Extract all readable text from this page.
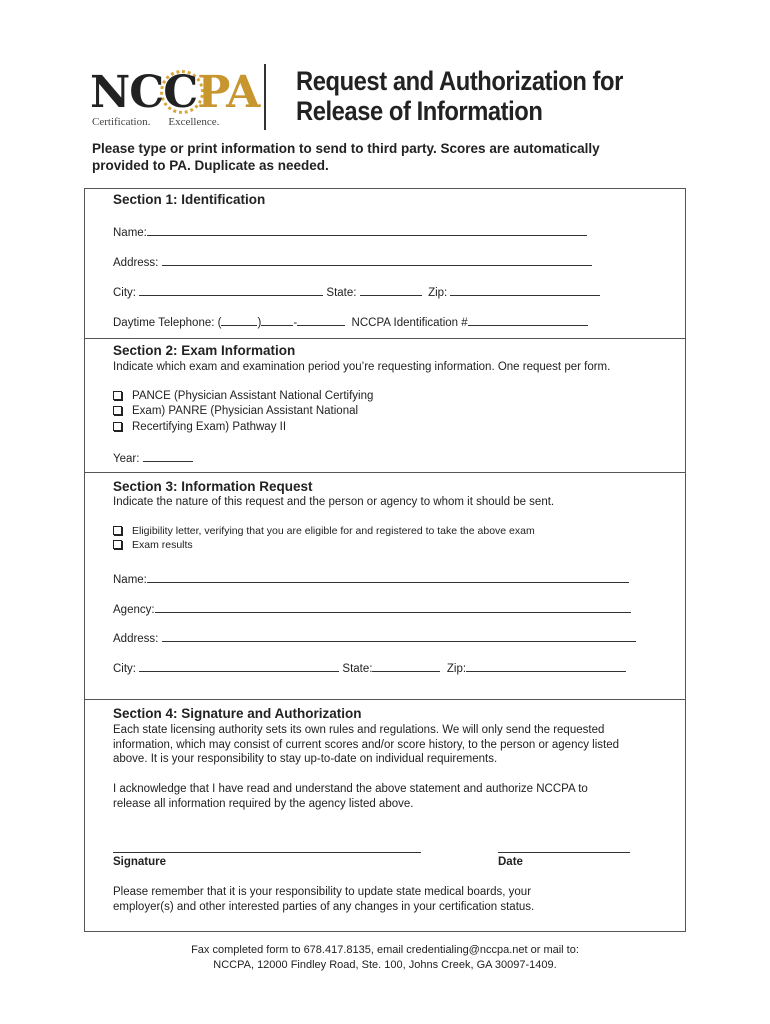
NCCPA
Certification. Excellence.
Request and Authorization for
Release of Information
Please type or print information to send to third party. Scores are automatically provided to PA. Duplicate as needed.
Section 1: Identification
Name:
Address:
City:	State:	Zip:
Daytime Telephone: (	)	-	NCCPA Identification #
Section 2: Exam Information
Indicate which exam and examination period you’re requesting information. One request per form.
PANCE (Physician Assistant National Certifying
Exam) PANRE (Physician Assistant National
Recertifying Exam) Pathway II
Year:
Section 3: Information Request
Indicate the nature of this request and the person or agency to whom it should be sent.
Eligibility letter, verifying that you are eligible for and registered to take the above exam
Exam results
Name:
Agency:
Address:
City:	State:	Zip:
Section 4: Signature and Authorization
Each state licensing authority sets its own rules and regulations. We will only send the requested information, which may consist of current scores and/or score history, to the person or agency listed above. It is your responsibility to stay up-to-date on individual requirements.
I acknowledge that I have read and understand the above statement and authorize NCCPA to release all information required by the agency listed above.
Signature	Date
Please remember that it is your responsibility to update state medical boards, your employer(s) and other interested parties of any changes in your certification status.
Fax completed form to 678.417.8135, email credentialing@nccpa.net or mail to:
NCCPA, 12000 Findley Road, Ste. 100, Johns Creek, GA 30097-1409.
